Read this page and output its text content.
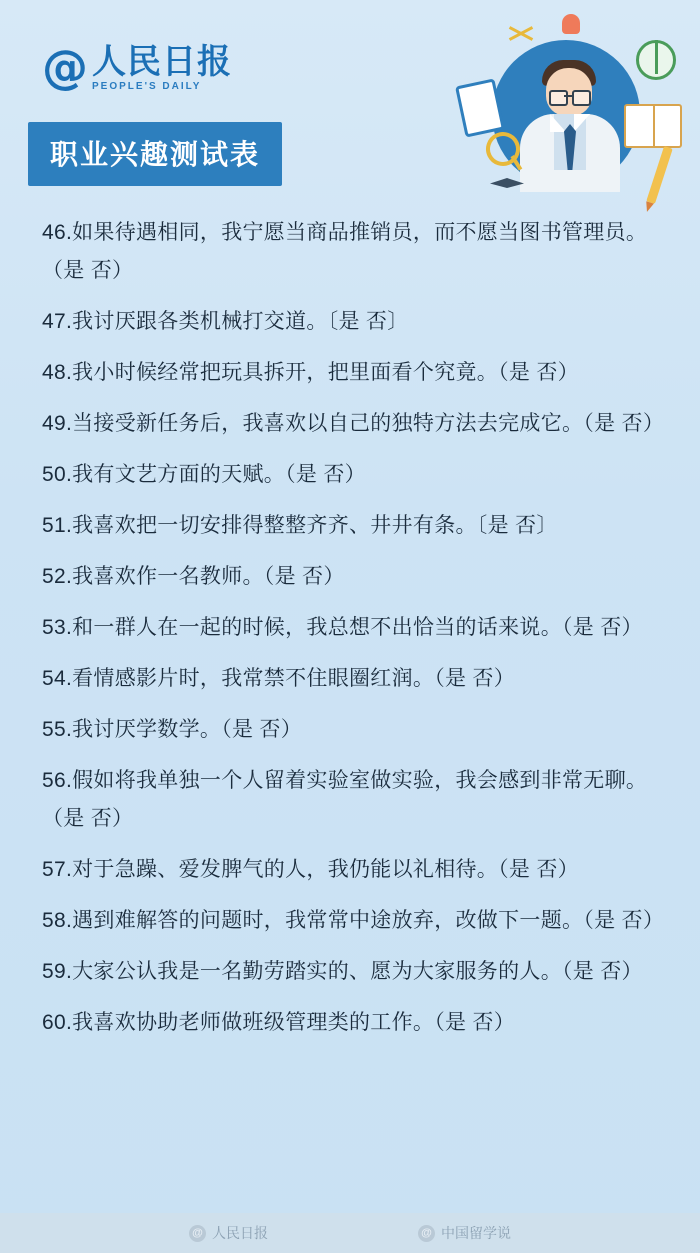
@ 人民日报
PEOPLE'S DAILY
职业兴趣测试表

46.如果待遇相同，我宁愿当商品推销员，而不愿当图书管理员。（是 否）

47.我讨厌跟各类机械打交道。〔是 否〕

48.我小时候经常把玩具拆开，把里面看个究竟。（是 否）

49.当接受新任务后，我喜欢以自己的独特方法去完成它。（是 否）

50.我有文艺方面的天赋。（是 否）

51.我喜欢把一切安排得整整齐齐、井井有条。〔是 否〕

52.我喜欢作一名教师。（是 否）

53.和一群人在一起的时候，我总想不出恰当的话来说。（是 否）

54.看情感影片时，我常禁不住眼圈红润。（是 否）

55.我讨厌学数学。（是 否）

56.假如将我单独一个人留着实验室做实验，我会感到非常无聊。（是 否）

57.对于急躁、爱发脾气的人，我仍能以礼相待。（是 否）

58.遇到难解答的问题时，我常常中途放弃，改做下一题。（是 否）

59.大家公认我是一名勤劳踏实的、愿为大家服务的人。（是 否）

60.我喜欢协助老师做班级管理类的工作。（是 否）

@ 人民日报	@ 中国留学说
